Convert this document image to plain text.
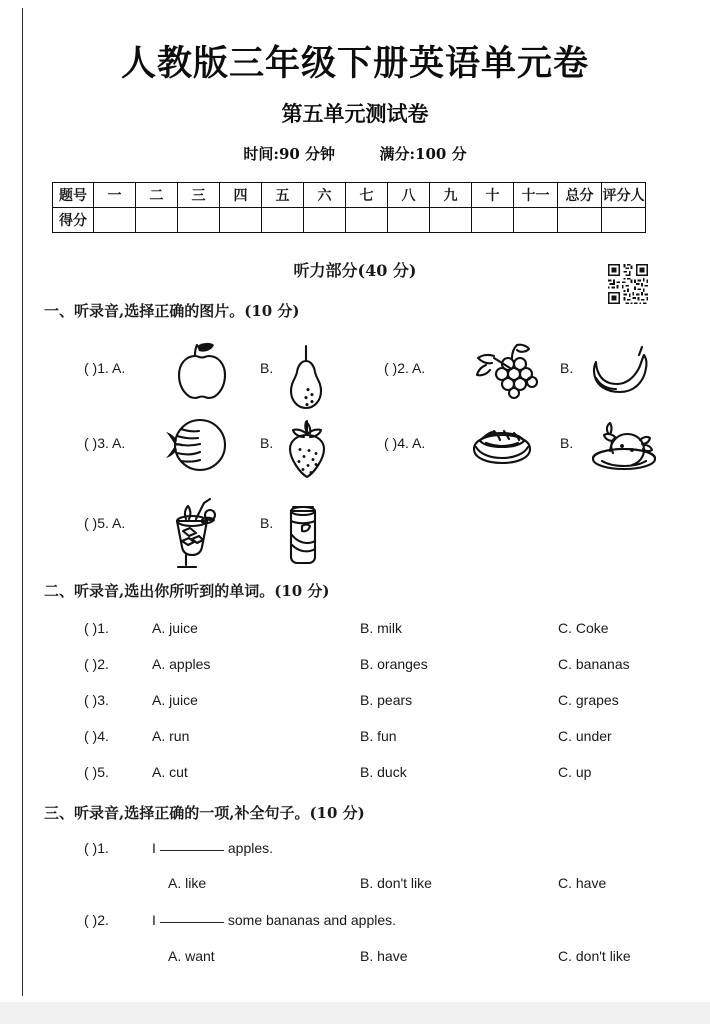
人教版三年级下册英语单元卷
第五单元测试卷
时间:90 分钟	满分:100 分
题号	一	二	三	四	五	六	七	八	九	十	十一	总分	评分人
得分													
听力部分(40 分)
一、听录音,选择正确的图片。(10 分)
( )1. A.	B.	( )2. A.	B.
( )3. A.	B.	( )4. A.	B.
( )5. A.	B.
二、听录音,选出你所听到的单词。(10 分)
( )1.	A. juice	B. milk	C. Coke
( )2.	A. apples	B. oranges	C. bananas
( )3.	A. juice	B. pears	C. grapes
( )4.	A. run	B. fun	C. under
( )5.	A. cut	B. duck	C. up
三、听录音,选择正确的一项,补全句子。(10 分)
( )1.	I	apples.
A. like	B. don't like	C. have
( )2.	I	some bananas and apples.
A. want	B. have	C. don't like
